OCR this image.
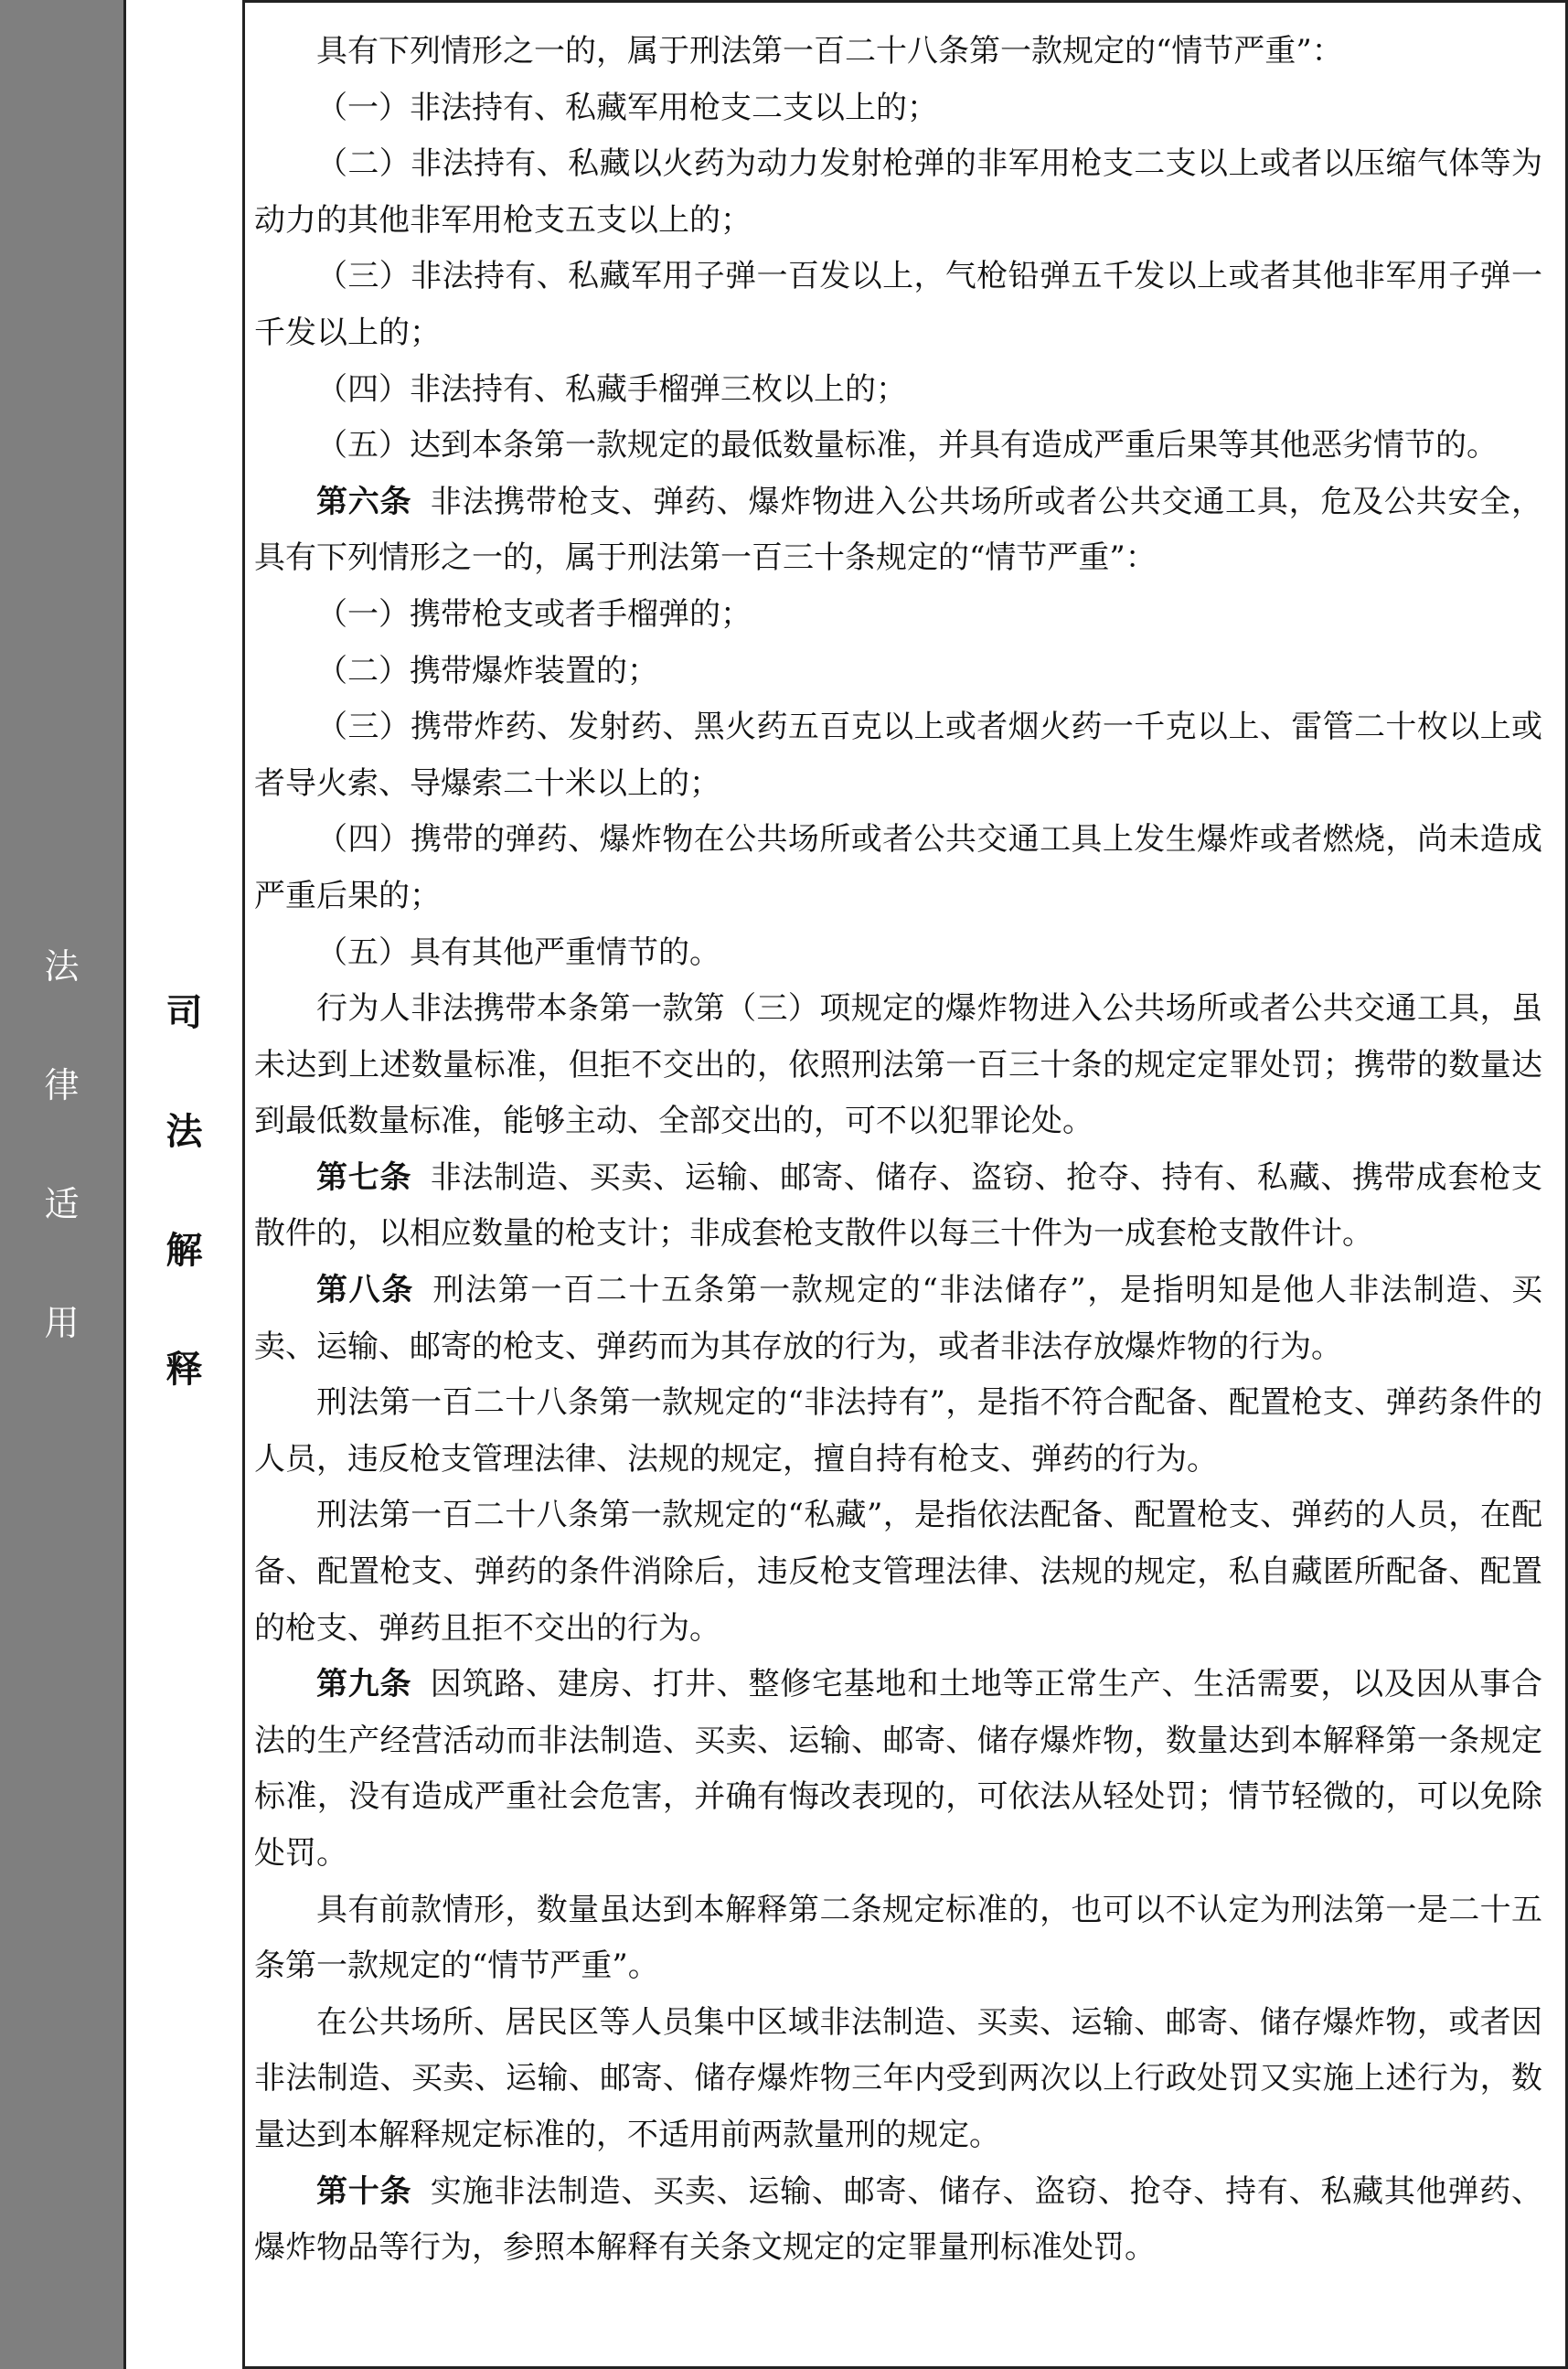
法
律
适
用
司
法
解
释

具有下列情形之一的，属于刑法第一百二十八条第一款规定的“情节严重”：

（一）非法持有、私藏军用枪支二支以上的；

（二）非法持有、私藏以火药为动力发射枪弹的非军用枪支二支以上或者以压缩气体等为动力的其他非军用枪支五支以上的；

（三）非法持有、私藏军用子弹一百发以上，气枪铅弹五千发以上或者其他非军用子弹一千发以上的；

（四）非法持有、私藏手榴弹三枚以上的；

（五）达到本条第一款规定的最低数量标准，并具有造成严重后果等其他恶劣情节的。

第六条 非法携带枪支、弹药、爆炸物进入公共场所或者公共交通工具，危及公共安全，具有下列情形之一的，属于刑法第一百三十条规定的“情节严重”：

（一）携带枪支或者手榴弹的；

（二）携带爆炸装置的；

（三）携带炸药、发射药、黑火药五百克以上或者烟火药一千克以上、雷管二十枚以上或者导火索、导爆索二十米以上的；

（四）携带的弹药、爆炸物在公共场所或者公共交通工具上发生爆炸或者燃烧，尚未造成严重后果的；

（五）具有其他严重情节的。

行为人非法携带本条第一款第（三）项规定的爆炸物进入公共场所或者公共交通工具，虽未达到上述数量标准，但拒不交出的，依照刑法第一百三十条的规定定罪处罚；携带的数量达到最低数量标准，能够主动、全部交出的，可不以犯罪论处。

第七条 非法制造、买卖、运输、邮寄、储存、盗窃、抢夺、持有、私藏、携带成套枪支散件的，以相应数量的枪支计；非成套枪支散件以每三十件为一成套枪支散件计。

第八条 刑法第一百二十五条第一款规定的“非法储存”，是指明知是他人非法制造、买卖、运输、邮寄的枪支、弹药而为其存放的行为，或者非法存放爆炸物的行为。

刑法第一百二十八条第一款规定的“非法持有”，是指不符合配备、配置枪支、弹药条件的人员，违反枪支管理法律、法规的规定，擅自持有枪支、弹药的行为。

刑法第一百二十八条第一款规定的“私藏”，是指依法配备、配置枪支、弹药的人员，在配备、配置枪支、弹药的条件消除后，违反枪支管理法律、法规的规定，私自藏匿所配备、配置的枪支、弹药且拒不交出的行为。

第九条 因筑路、建房、打井、整修宅基地和土地等正常生产、生活需要，以及因从事合法的生产经营活动而非法制造、买卖、运输、邮寄、储存爆炸物，数量达到本解释第一条规定标准，没有造成严重社会危害，并确有悔改表现的，可依法从轻处罚；情节轻微的，可以免除处罚。

具有前款情形，数量虽达到本解释第二条规定标准的，也可以不认定为刑法第一是二十五条第一款规定的“情节严重”。

在公共场所、居民区等人员集中区域非法制造、买卖、运输、邮寄、储存爆炸物，或者因非法制造、买卖、运输、邮寄、储存爆炸物三年内受到两次以上行政处罚又实施上述行为，数量达到本解释规定标准的，不适用前两款量刑的规定。

第十条 实施非法制造、买卖、运输、邮寄、储存、盗窃、抢夺、持有、私藏其他弹药、爆炸物品等行为，参照本解释有关条文规定的定罪量刑标准处罚。
